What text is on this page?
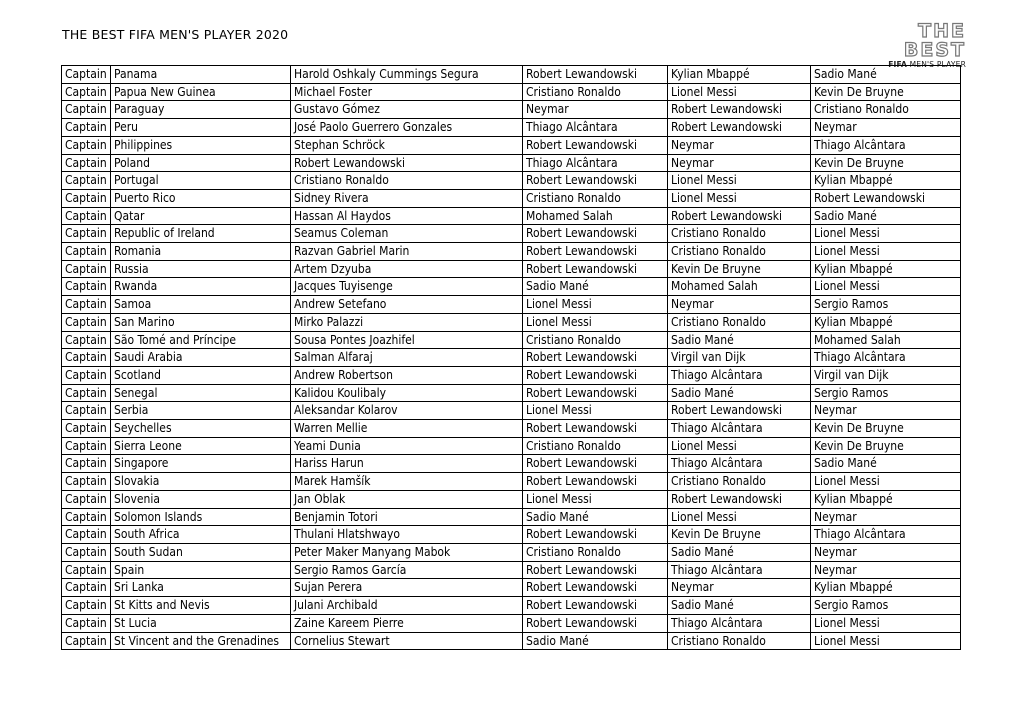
THE BEST FIFA MEN'S PLAYER 2020	THE BEST
FIFA MEN'S PLAYER
Captain	Panama	Harold Oshkaly Cummings Segura	Robert Lewandowski	Kylian Mbappé	Sadio Mané
Captain	Papua New Guinea	Michael Foster	Cristiano Ronaldo	Lionel Messi	Kevin De Bruyne
Captain	Paraguay	Gustavo Gómez	Neymar	Robert Lewandowski	Cristiano Ronaldo
Captain	Peru	José Paolo Guerrero Gonzales	Thiago Alcântara	Robert Lewandowski	Neymar
Captain	Philippines	Stephan Schröck	Robert Lewandowski	Neymar	Thiago Alcântara
Captain	Poland	Robert Lewandowski	Thiago Alcântara	Neymar	Kevin De Bruyne
Captain	Portugal	Cristiano Ronaldo	Robert Lewandowski	Lionel Messi	Kylian Mbappé
Captain	Puerto Rico	Sidney Rivera	Cristiano Ronaldo	Lionel Messi	Robert Lewandowski
Captain	Qatar	Hassan Al Haydos	Mohamed Salah	Robert Lewandowski	Sadio Mané
Captain	Republic of Ireland	Seamus Coleman	Robert Lewandowski	Cristiano Ronaldo	Lionel Messi
Captain	Romania	Razvan Gabriel Marin	Robert Lewandowski	Cristiano Ronaldo	Lionel Messi
Captain	Russia	Artem Dzyuba	Robert Lewandowski	Kevin De Bruyne	Kylian Mbappé
Captain	Rwanda	Jacques Tuyisenge	Sadio Mané	Mohamed Salah	Lionel Messi
Captain	Samoa	Andrew Setefano	Lionel Messi	Neymar	Sergio Ramos
Captain	San Marino	Mirko Palazzi	Lionel Messi	Cristiano Ronaldo	Kylian Mbappé
Captain	São Tomé and Príncipe	Sousa Pontes Joazhifel	Cristiano Ronaldo	Sadio Mané	Mohamed Salah
Captain	Saudi Arabia	Salman Alfaraj	Robert Lewandowski	Virgil van Dijk	Thiago Alcântara
Captain	Scotland	Andrew Robertson	Robert Lewandowski	Thiago Alcântara	Virgil van Dijk
Captain	Senegal	Kalidou Koulibaly	Robert Lewandowski	Sadio Mané	Sergio Ramos
Captain	Serbia	Aleksandar Kolarov	Lionel Messi	Robert Lewandowski	Neymar
Captain	Seychelles	Warren Mellie	Robert Lewandowski	Thiago Alcântara	Kevin De Bruyne
Captain	Sierra Leone	Yeami Dunia	Cristiano Ronaldo	Lionel Messi	Kevin De Bruyne
Captain	Singapore	Hariss Harun	Robert Lewandowski	Thiago Alcântara	Sadio Mané
Captain	Slovakia	Marek Hamšík	Robert Lewandowski	Cristiano Ronaldo	Lionel Messi
Captain	Slovenia	Jan Oblak	Lionel Messi	Robert Lewandowski	Kylian Mbappé
Captain	Solomon Islands	Benjamin Totori	Sadio Mané	Lionel Messi	Neymar
Captain	South Africa	Thulani Hlatshwayo	Robert Lewandowski	Kevin De Bruyne	Thiago Alcântara
Captain	South Sudan	Peter Maker Manyang Mabok	Cristiano Ronaldo	Sadio Mané	Neymar
Captain	Spain	Sergio Ramos García	Robert Lewandowski	Thiago Alcântara	Neymar
Captain	Sri Lanka	Sujan Perera	Robert Lewandowski	Neymar	Kylian Mbappé
Captain	St Kitts and Nevis	Julani Archibald	Robert Lewandowski	Sadio Mané	Sergio Ramos
Captain	St Lucia	Zaine Kareem Pierre	Robert Lewandowski	Thiago Alcântara	Lionel Messi
Captain	St Vincent and the Grenadines	Cornelius Stewart	Sadio Mané	Cristiano Ronaldo	Lionel Messi
